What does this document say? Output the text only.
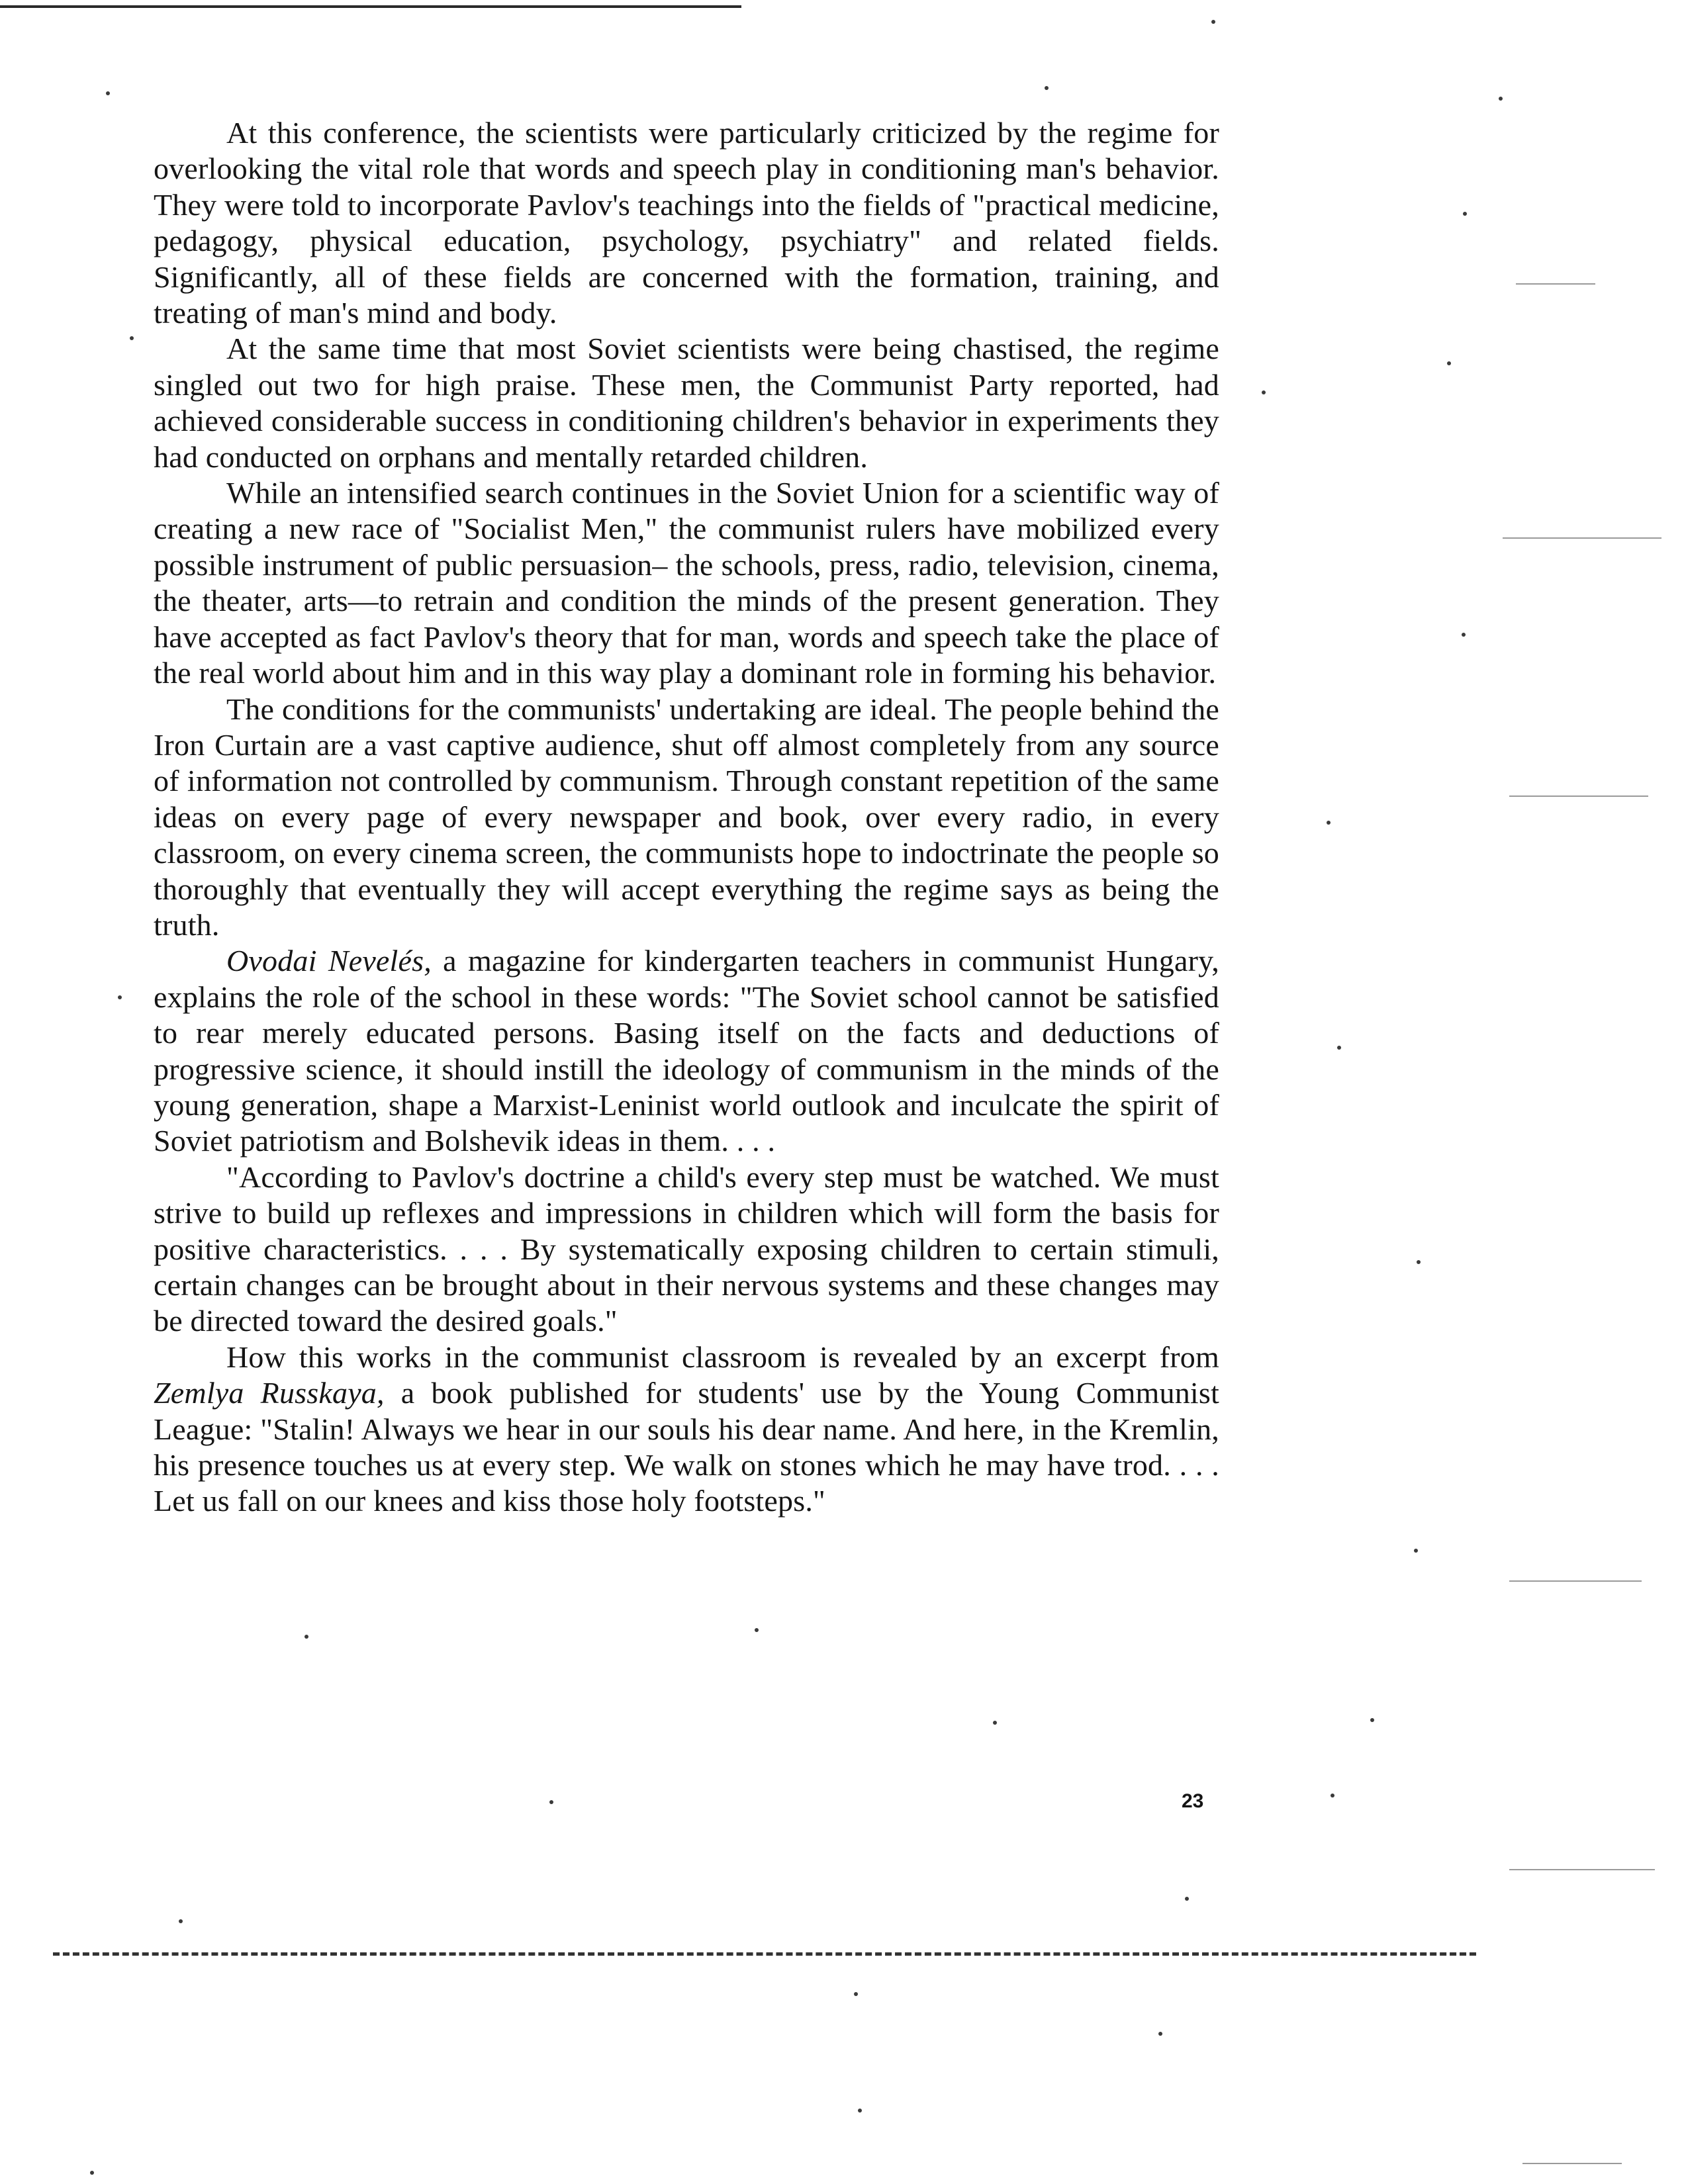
At this conference, the scientists were particularly criticized by the regime for overlooking the vital role that words and speech play in conditioning man's behavior. They were told to incorporate Pavlov's teachings into the fields of "practical medicine, pedagogy, physical education, psychology, psychiatry" and related fields. Significantly, all of these fields are concerned with the formation, training, and treating of man's mind and body.

At the same time that most Soviet scientists were being chastised, the regime singled out two for high praise. These men, the Communist Party reported, had achieved considerable success in conditioning children's behavior in experiments they had conducted on orphans and mentally retarded children.

While an intensified search continues in the Soviet Union for a scientific way of creating a new race of "Socialist Men," the communist rulers have mobilized every possible instrument of public persuasion– the schools, press, radio, television, cinema, the theater, arts—to retrain and condition the minds of the present generation. They have accepted as fact Pavlov's theory that for man, words and speech take the place of the real world about him and in this way play a dominant role in forming his behavior.

The conditions for the communists' undertaking are ideal. The people behind the Iron Curtain are a vast captive audience, shut off almost completely from any source of information not controlled by communism. Through constant repetition of the same ideas on every page of every newspaper and book, over every radio, in every classroom, on every cinema screen, the communists hope to indoctrinate the people so thoroughly that eventually they will accept everything the regime says as being the truth.

Ovodai Nevelés, a magazine for kindergarten teachers in communist Hungary, explains the role of the school in these words: "The Soviet school cannot be satisfied to rear merely educated persons. Basing itself on the facts and deductions of progressive science, it should instill the ideology of communism in the minds of the young generation, shape a Marxist-Leninist world outlook and inculcate the spirit of Soviet patriotism and Bolshevik ideas in them. . . .

"According to Pavlov's doctrine a child's every step must be watched. We must strive to build up reflexes and impressions in children which will form the basis for positive characteristics. . . . By systematically exposing children to certain stimuli, certain changes can be brought about in their nervous systems and these changes may be directed toward the desired goals."

How this works in the communist classroom is revealed by an excerpt from Zemlya Russkaya, a book published for students' use by the Young Communist League: "Stalin! Always we hear in our souls his dear name. And here, in the Kremlin, his presence touches us at every step. We walk on stones which he may have trod. . . . Let us fall on our knees and kiss those holy footsteps."

23
